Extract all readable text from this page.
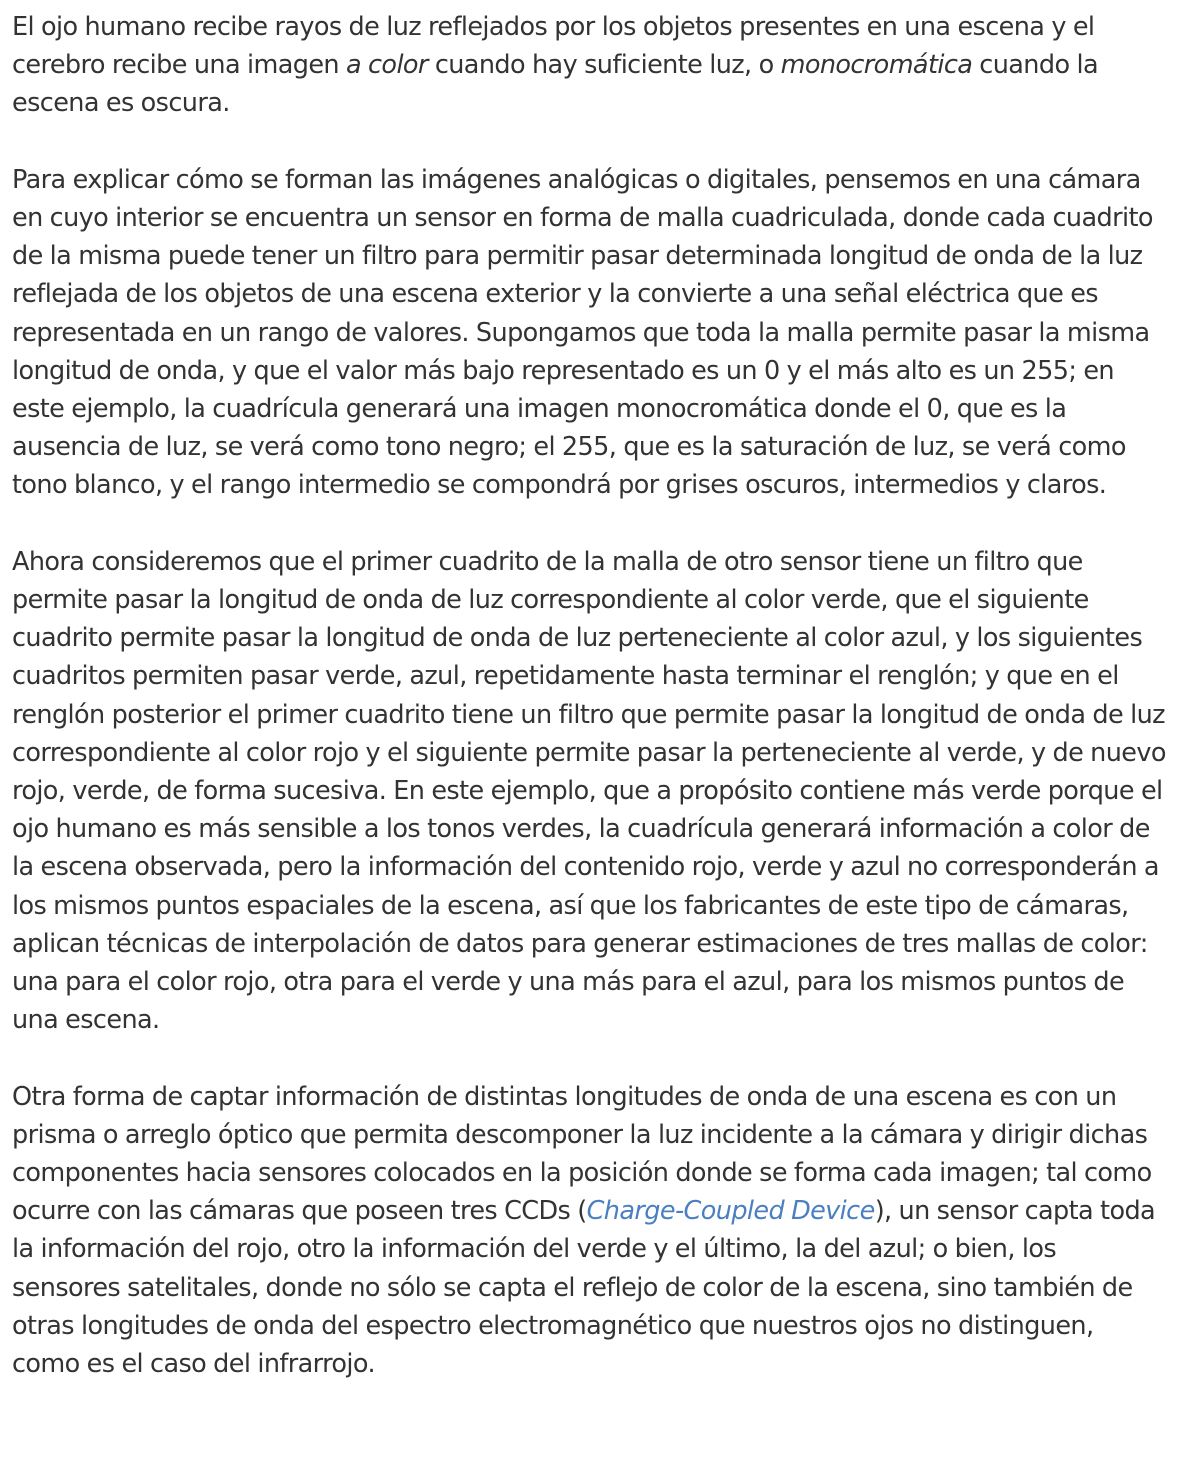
El ojo humano recibe rayos de luz reflejados por los objetos presentes en una escena y el cerebro recibe una imagen a color cuando hay suficiente luz, o monocromática cuando la escena es oscura.

Para explicar cómo se forman las imágenes analógicas o digitales, pensemos en una cámara en cuyo interior se encuentra un sensor en forma de malla cuadriculada, donde cada cuadrito de la misma puede tener un filtro para permitir pasar determinada longitud de onda de la luz reflejada de los objetos de una escena exterior y la convierte a una señal eléctrica que es representada en un rango de valores. Supongamos que toda la malla permite pasar la misma longitud de onda, y que el valor más bajo representado es un 0 y el más alto es un 255; en este ejemplo, la cuadrícula generará una imagen monocromática donde el 0, que es la ausencia de luz, se verá como tono negro; el 255, que es la saturación de luz, se verá como tono blanco, y el rango intermedio se compondrá por grises oscuros, intermedios y claros.

Ahora consideremos que el primer cuadrito de la malla de otro sensor tiene un filtro que permite pasar la longitud de onda de luz correspondiente al color verde, que el siguiente cuadrito permite pasar la longitud de onda de luz perteneciente al color azul, y los siguientes cuadritos permiten pasar verde, azul, repetidamente hasta terminar el renglón; y que en el renglón posterior el primer cuadrito tiene un filtro que permite pasar la longitud de onda de luz correspondiente al color rojo y el siguiente permite pasar la perteneciente al verde, y de nuevo rojo, verde, de forma sucesiva. En este ejemplo, que a propósito contiene más verde porque el ojo humano es más sensible a los tonos verdes, la cuadrícula generará información a color de la escena observada, pero la información del contenido rojo, verde y azul no corresponderán a los mismos puntos espaciales de la escena, así que los fabricantes de este tipo de cámaras, aplican técnicas de interpolación de datos para generar estimaciones de tres mallas de color: una para el color rojo, otra para el verde y una más para el azul, para los mismos puntos de una escena.

Otra forma de captar información de distintas longitudes de onda de una escena es con un prisma o arreglo óptico que permita descomponer la luz incidente a la cámara y dirigir dichas componentes hacia sensores colocados en la posición donde se forma cada imagen; tal como ocurre con las cámaras que poseen tres CCDs (Charge-Coupled Device), un sensor capta toda la información del rojo, otro la información del verde y el último, la del azul; o bien, los sensores satelitales, donde no sólo se capta el reflejo de color de la escena, sino también de otras longitudes de onda del espectro electromagnético que nuestros ojos no distinguen, como es el caso del infrarrojo.
